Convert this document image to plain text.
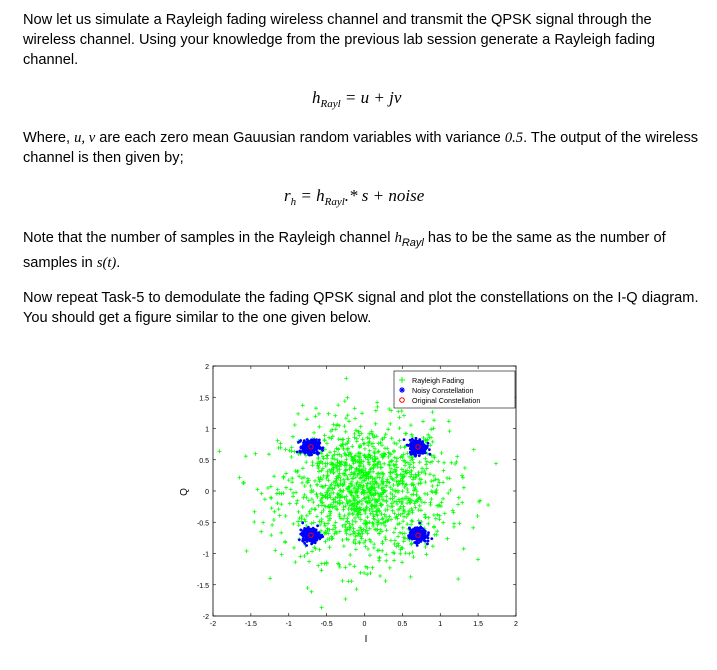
Now let us simulate a Rayleigh fading wireless channel and transmit the QPSK signal through the wireless channel. Using your knowledge from the previous lab session generate a Rayleigh fading channel.
$h_{Rayl} = u$ + jv
Where, u, v are each zero mean Gauusian random variables with variance 0.5. The output of the wireless channel is then given by;
$r_h = h_{Rayl}.*$ s + noise
Note that the number of samples in the Rayleigh channel $h_{Rayl}$ has to be the same as the number of samples in s(t).
Now repeat Task-5 to demodulate the fading QPSK signal and plot the constellations on the I-Q diagram. You should get a figure similar to the one given below.
-2	-1.5	-1	-0.5	0	0.5	1	1.5	2
-2
-1.5
-1
-0.5
0
0.5
1
1.5
2
Rayleigh Fading
Noisy Constellation
Original Constellation
Q
I
